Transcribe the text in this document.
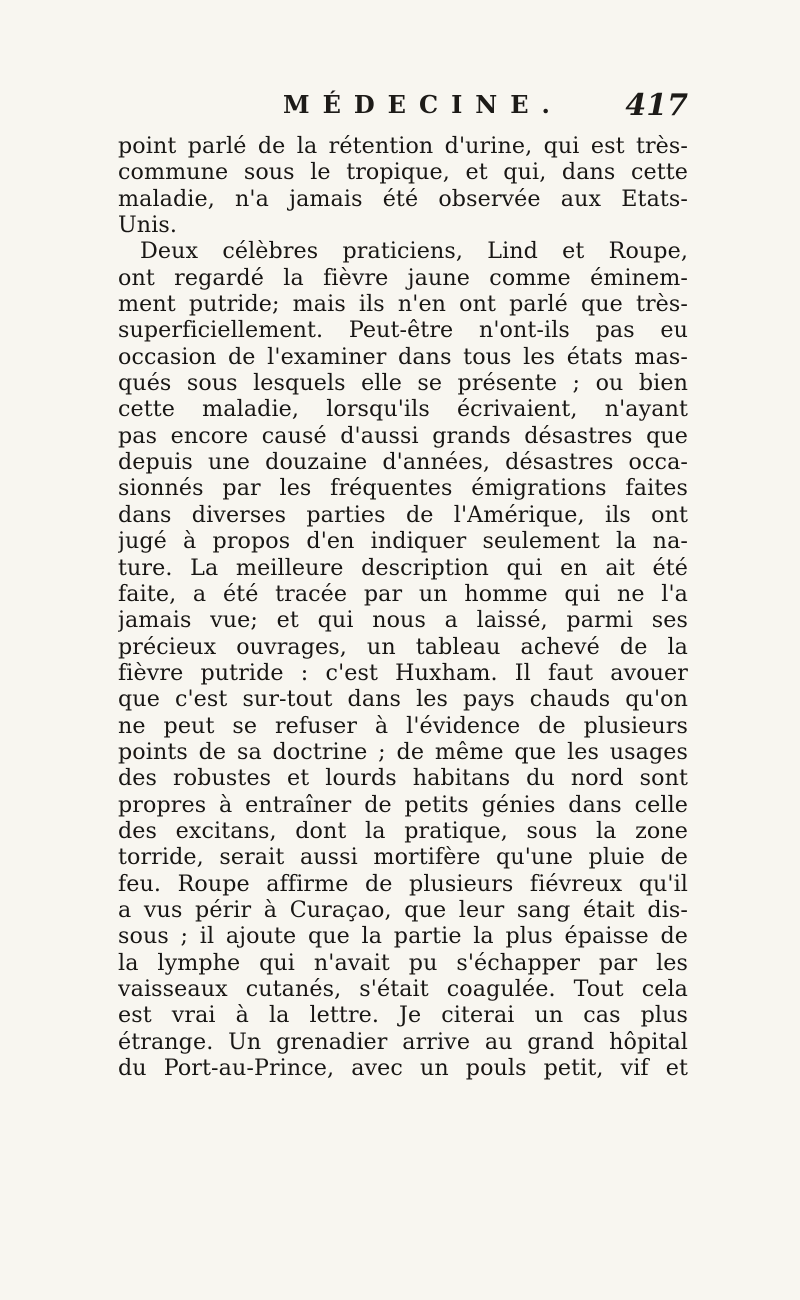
MÉDECINE. 417
point parlé de la rétention d'urine, qui est très-
commune sous le tropique, et qui, dans cette
maladie, n'a jamais été observée aux Etats-
Unis.
Deux célèbres praticiens, Lind et Roupe,
ont regardé la fièvre jaune comme éminem-
ment putride; mais ils n'en ont parlé que très-
superficiellement. Peut-être n'ont-ils pas eu
occasion de l'examiner dans tous les états mas-
qués sous lesquels elle se présente ; ou bien
cette maladie, lorsqu'ils écrivaient, n'ayant
pas encore causé d'aussi grands désastres que
depuis une douzaine d'années, désastres occa-
sionnés par les fréquentes émigrations faites
dans diverses parties de l'Amérique, ils ont
jugé à propos d'en indiquer seulement la na-
ture. La meilleure description qui en ait été
faite, a été tracée par un homme qui ne l'a
jamais vue; et qui nous a laissé, parmi ses
précieux ouvrages, un tableau achevé de la
fièvre putride : c'est Huxham. Il faut avouer
que c'est sur-tout dans les pays chauds qu'on
ne peut se refuser à l'évidence de plusieurs
points de sa doctrine ; de même que les usages
des robustes et lourds habitans du nord sont
propres à entraîner de petits génies dans celle
des excitans, dont la pratique, sous la zone
torride, serait aussi mortifère qu'une pluie de
feu. Roupe affirme de plusieurs fiévreux qu'il
a vus périr à Curaçao, que leur sang était dis-
sous ; il ajoute que la partie la plus épaisse de
la lymphe qui n'avait pu s'échapper par les
vaisseaux cutanés, s'était coagulée. Tout cela
est vrai à la lettre. Je citerai un cas plus
étrange. Un grenadier arrive au grand hôpital
du Port-au-Prince, avec un pouls petit, vif et
